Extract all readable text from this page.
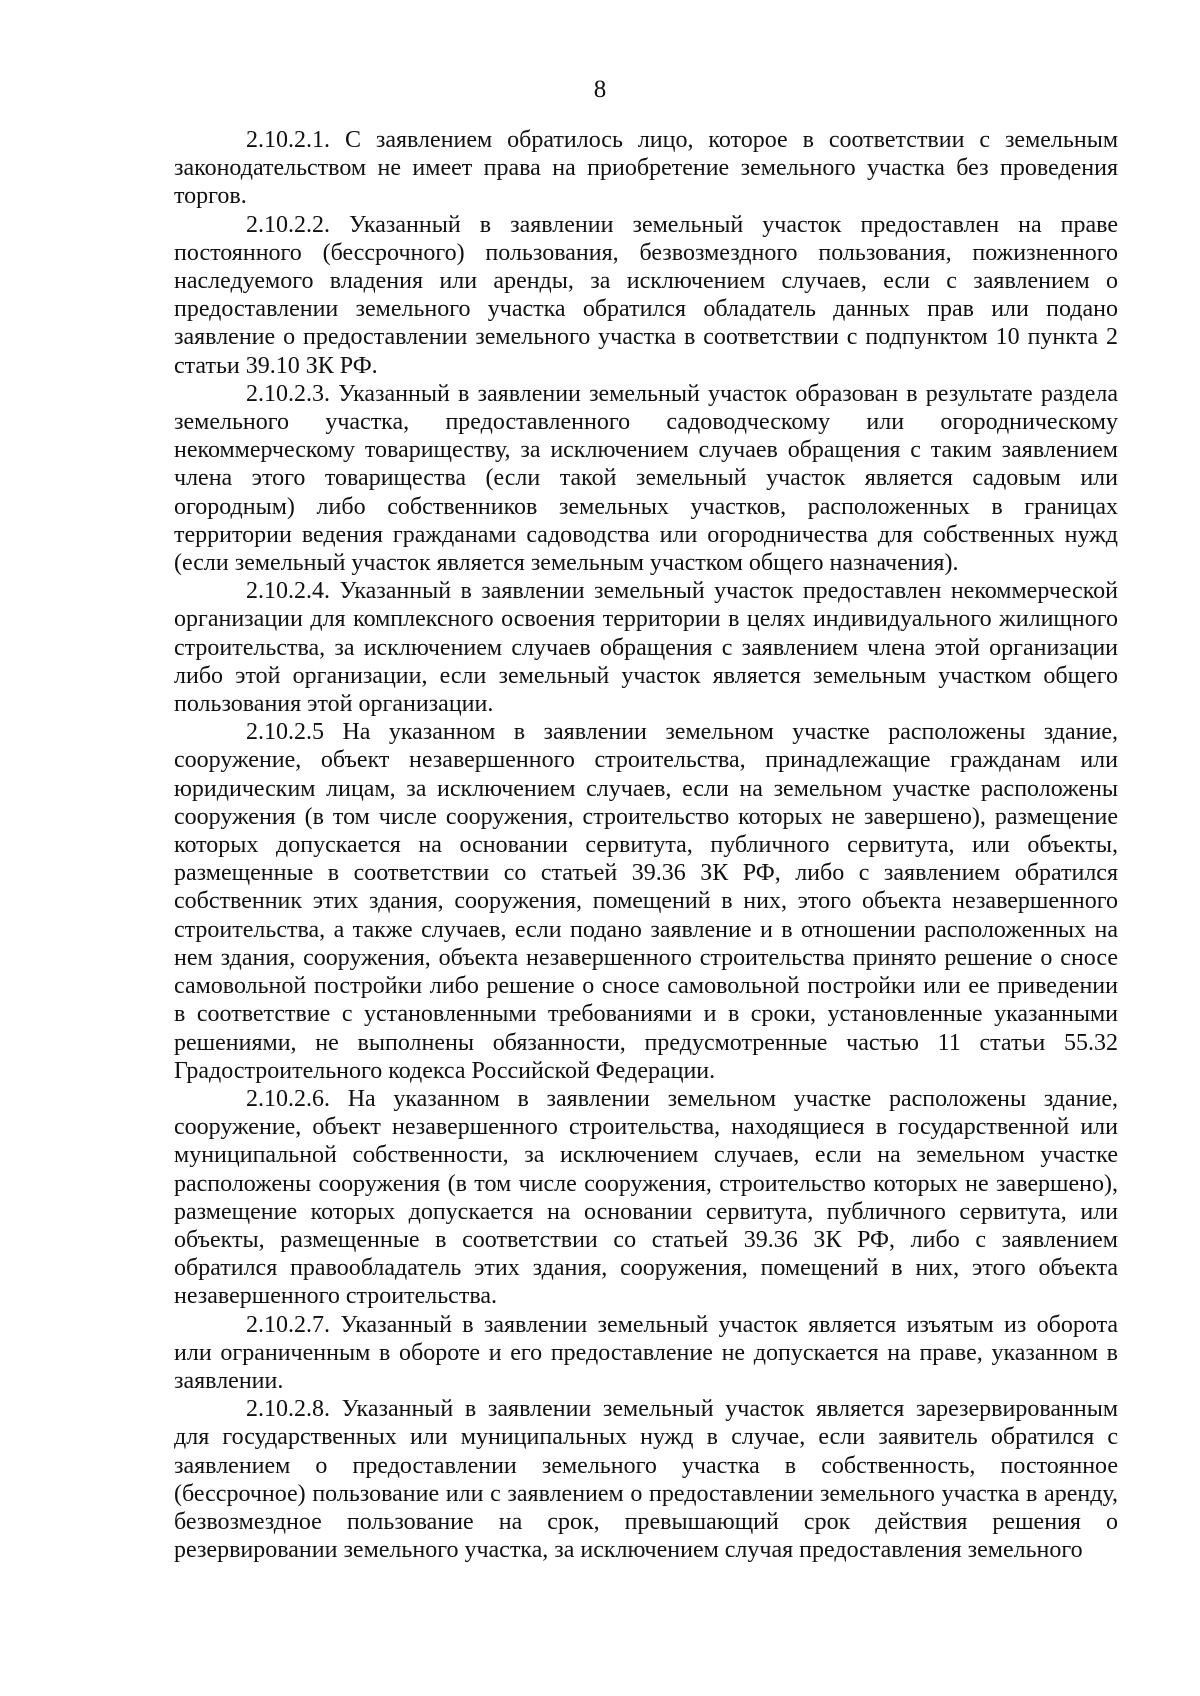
8

2.10.2.1. С заявлением обратилось лицо, которое в соответствии с земельным законодательством не имеет права на приобретение земельного участка без проведения торгов.

2.10.2.2. Указанный в заявлении земельный участок предоставлен на праве постоянного (бессрочного) пользования, безвозмездного пользования, пожизненного наследуемого владения или аренды, за исключением случаев, если с заявлением о предоставлении земельного участка обратился обладатель данных прав или подано заявление о предоставлении земельного участка в соответствии с подпунктом 10 пункта 2 статьи 39.10 ЗК РФ.

2.10.2.3. Указанный в заявлении земельный участок образован в результате раздела земельного участка, предоставленного садоводческому или огородническому некоммерческому товариществу, за исключением случаев обращения с таким заявлением члена этого товарищества (если такой земельный участок является садовым или огородным) либо собственников земельных участков, расположенных в границах территории ведения гражданами садоводства или огородничества для собственных нужд (если земельный участок является земельным участком общего назначения).

2.10.2.4. Указанный в заявлении земельный участок предоставлен некоммерческой организации для комплексного освоения территории в целях индивидуального жилищного строительства, за исключением случаев обращения с заявлением члена этой организации либо этой организации, если земельный участок является земельным участком общего пользования этой организации.

2.10.2.5 На указанном в заявлении земельном участке расположены здание, сооружение, объект незавершенного строительства, принадлежащие гражданам или юридическим лицам, за исключением случаев, если на земельном участке расположены сооружения (в том числе сооружения, строительство которых не завершено), размещение которых допускается на основании сервитута, публичного сервитута, или объекты, размещенные в соответствии со статьей 39.36 ЗК РФ, либо с заявлением обратился собственник этих здания, сооружения, помещений в них, этого объекта незавершенного строительства, а также случаев, если подано заявление и в отношении расположенных на нем здания, сооружения, объекта незавершенного строительства принято решение о сносе самовольной постройки либо решение о сносе самовольной постройки или ее приведении в соответствие с установленными требованиями и в сроки, установленные указанными решениями, не выполнены обязанности, предусмотренные частью 11 статьи 55.32 Градостроительного кодекса Российской Федерации.

2.10.2.6. На указанном в заявлении земельном участке расположены здание, сооружение, объект незавершенного строительства, находящиеся в государственной или муниципальной собственности, за исключением случаев, если на земельном участке расположены сооружения (в том числе сооружения, строительство которых не завершено), размещение которых допускается на основании сервитута, публичного сервитута, или объекты, размещенные в соответствии со статьей 39.36 ЗК РФ, либо с заявлением обратился правообладатель этих здания, сооружения, помещений в них, этого объекта незавершенного строительства.

2.10.2.7. Указанный в заявлении земельный участок является изъятым из оборота или ограниченным в обороте и его предоставление не допускается на праве, указанном в заявлении.

2.10.2.8. Указанный в заявлении земельный участок является зарезервированным для государственных или муниципальных нужд в случае, если заявитель обратился с заявлением о предоставлении земельного участка в собственность, постоянное (бессрочное) пользование или с заявлением о предоставлении земельного участка в аренду, безвозмездное пользование на срок, превышающий срок действия решения о резервировании земельного участка, за исключением случая предоставления земельного
